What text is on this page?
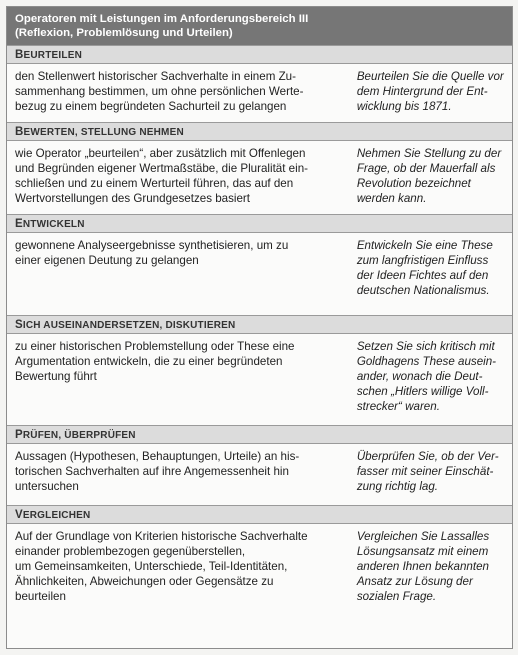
Operatoren mit Leistungen im Anforderungsbereich III
(Reflexion, Problemlösung und Urteilen)
BEURTEILEN
den Stellenwert historischer Sachverhalte in einem Zu-
sammenhang bestimmen, um ohne persönlichen Werte-
bezug zu einem begründeten Sachurteil zu gelangen
Beurteilen Sie die Quelle vor
dem Hintergrund der Ent-
wicklung bis 1871.
BEWERTEN, STELLUNG NEHMEN
wie Operator „beurteilen“, aber zusätzlich mit Offenlegen
und Begründen eigener Wertmaßstäbe, die Pluralität ein-
schließen und zu einem Werturteil führen, das auf den
Wertvorstellungen des Grundgesetzes basiert
Nehmen Sie Stellung zu der
Frage, ob der Mauerfall als
Revolution bezeichnet
werden kann.
ENTWICKELN
gewonnene Analyseergebnisse synthetisieren, um zu
einer eigenen Deutung zu gelangen
Entwickeln Sie eine These
zum langfristigen Einfluss
der Ideen Fichtes auf den
deutschen Nationalismus.
SICH AUSEINANDERSETZEN, DISKUTIEREN
zu einer historischen Problemstellung oder These eine
Argumentation entwickeln, die zu einer begründeten
Bewertung führt
Setzen Sie sich kritisch mit
Goldhagens These ausein-
ander, wonach die Deut-
schen „Hitlers willige Voll-
strecker“ waren.
PRÜFEN, ÜBERPRÜFEN
Aussagen (Hypothesen, Behauptungen, Urteile) an his-
torischen Sachverhalten auf ihre Angemessenheit hin
untersuchen
Überprüfen Sie, ob der Ver-
fasser mit seiner Einschät-
zung richtig lag.
VERGLEICHEN
Auf der Grundlage von Kriterien historische Sachverhalte
einander problembezogen gegenüberstellen,
um Gemeinsamkeiten, Unterschiede, Teil-Identitäten,
Ähnlichkeiten, Abweichungen oder Gegensätze zu
beurteilen
Vergleichen Sie Lassalles
Lösungsansatz mit einem
anderen Ihnen bekannten
Ansatz zur Lösung der
sozialen Frage.
